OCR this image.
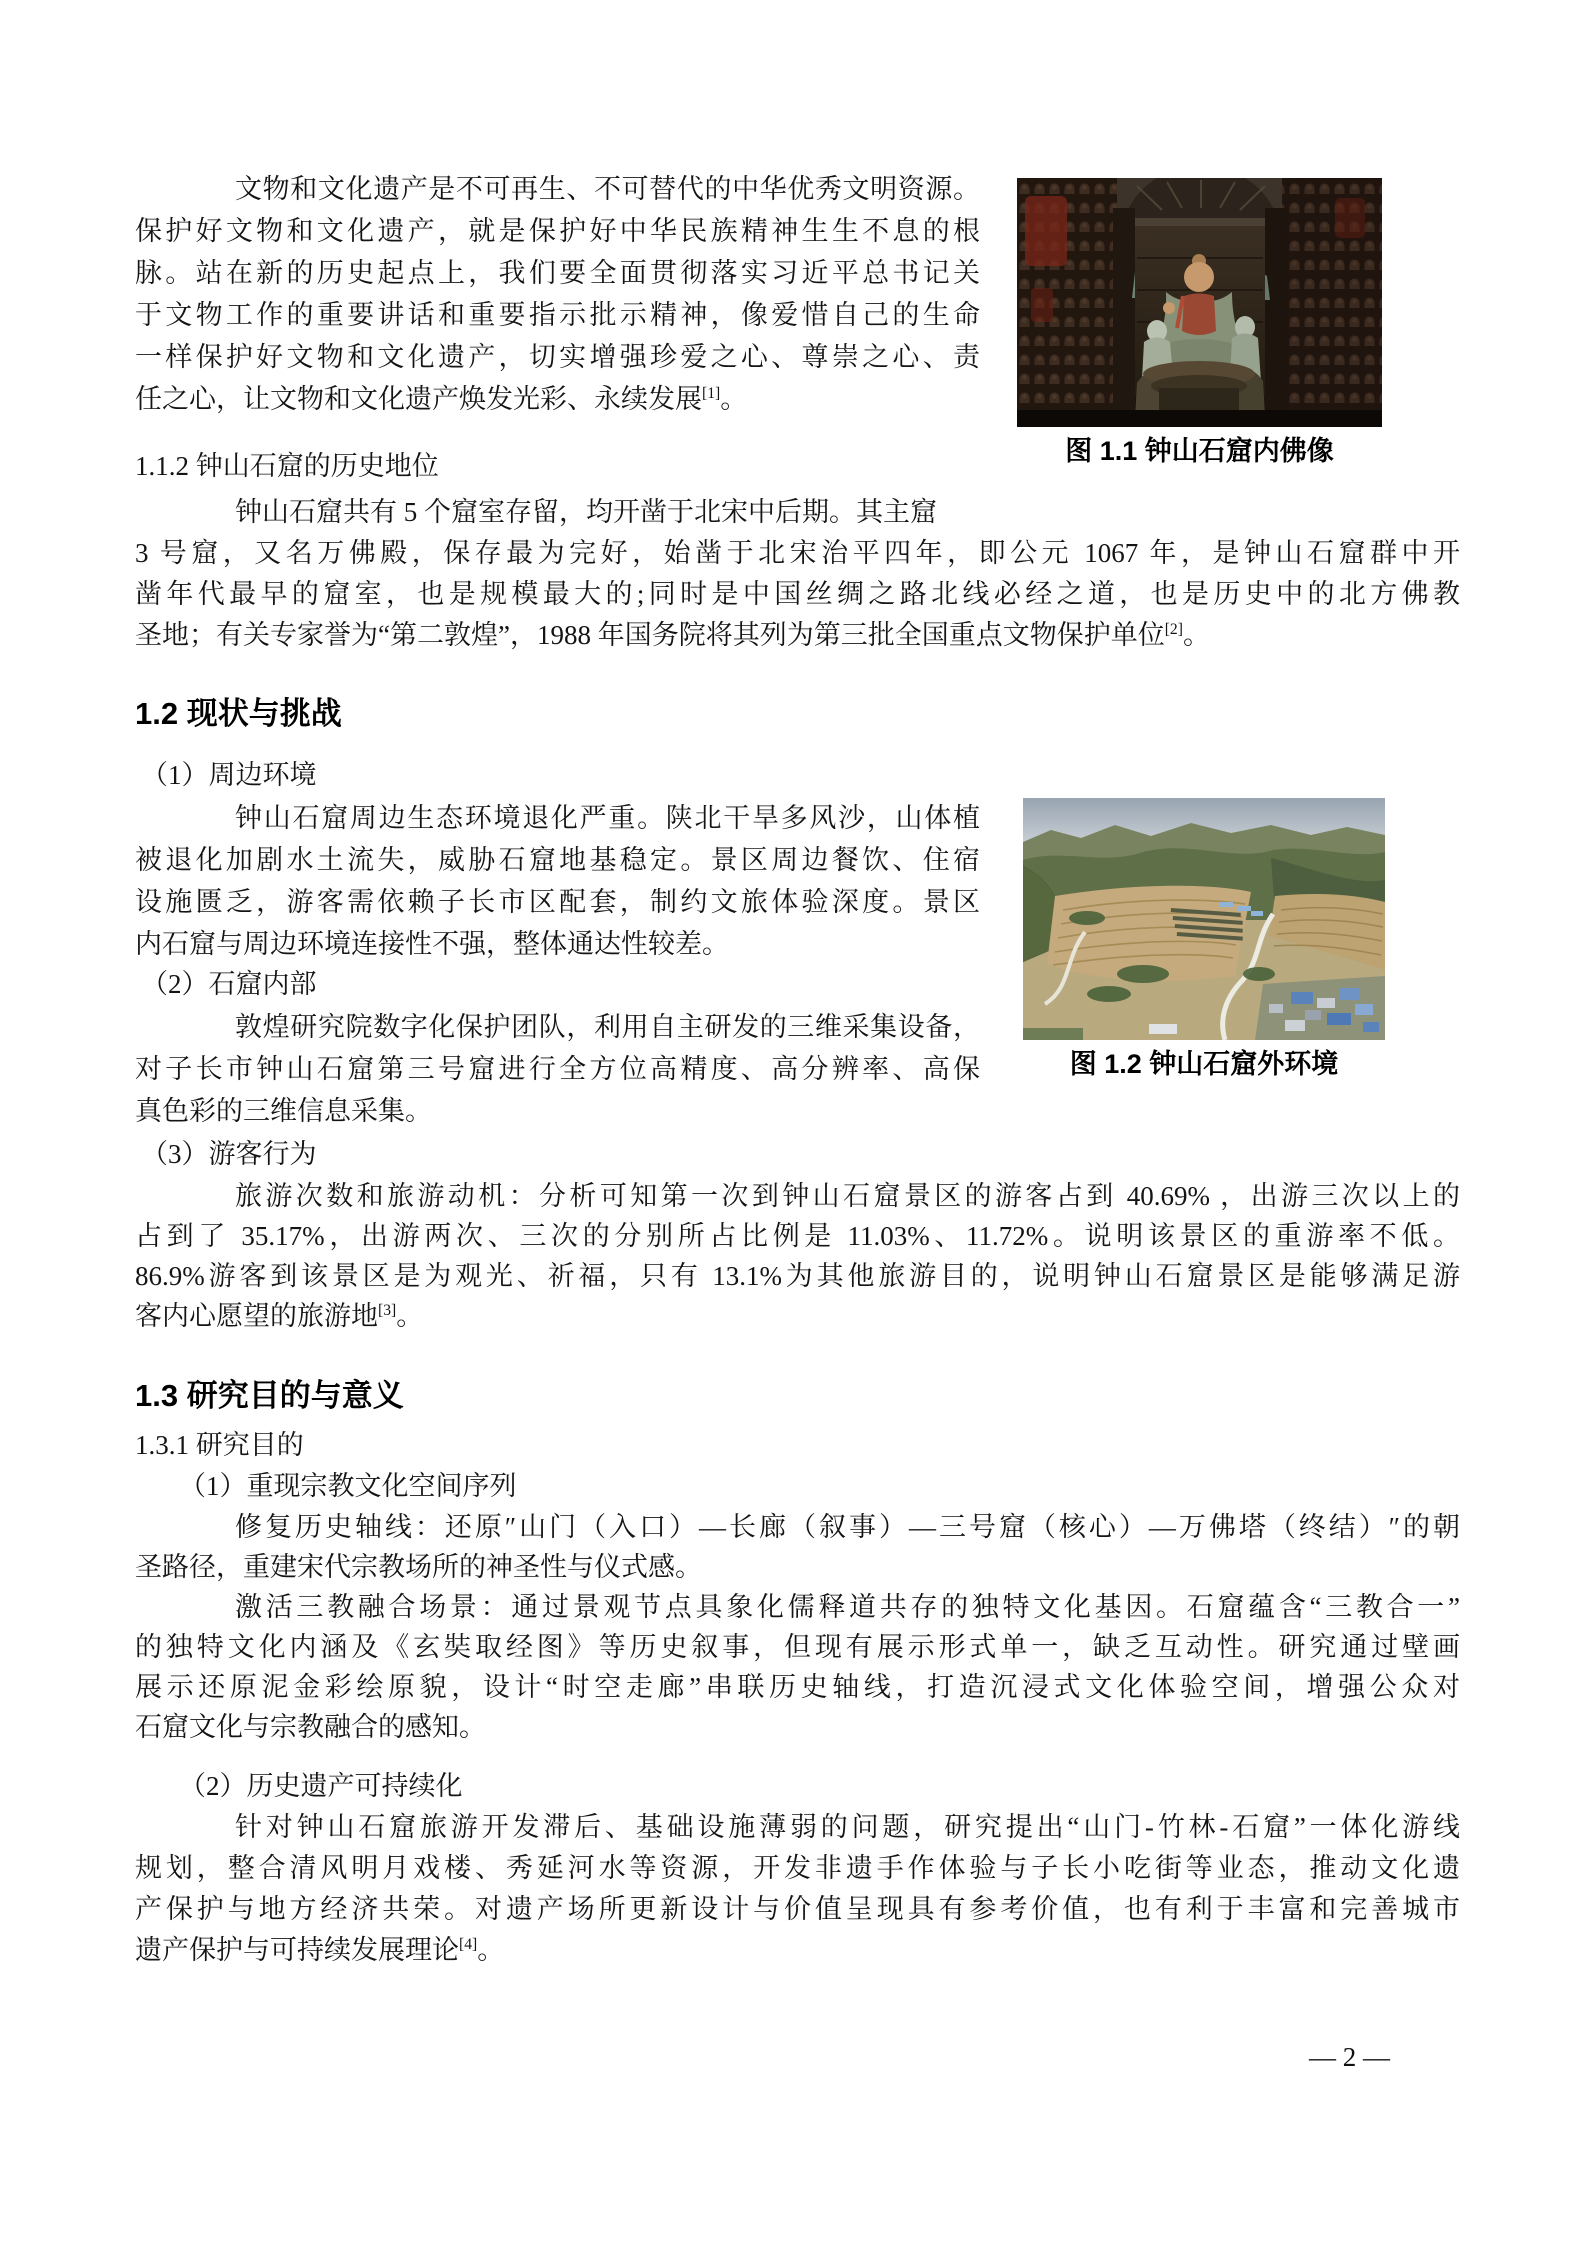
文物和文化遗产是不可再生、不可替代的中华优秀文明资源。
保护好文物和文化遗产，就是保护好中华民族精神生生不息的根
脉。站在新的历史起点上，我们要全面贯彻落实习近平总书记关
于文物工作的重要讲话和重要指示批示精神，像爱惜自己的生命
一样保护好文物和文化遗产，切实增强珍爱之心、尊崇之心、责
任之心，让文物和文化遗产焕发光彩、永续发展[1]。

1.1.2 钟山石窟的历史地位

钟山石窟共有 5 个窟室存留，均开凿于北宋中后期。其主窟

3 号窟，又名万佛殿，保存最为完好，始凿于北宋治平四年，即公元 1067 年，是钟山石窟群中开
凿年代最早的窟室，也是规模最大的;同时是中国丝绸之路北线必经之道，也是历史中的北方佛教
圣地；有关专家誉为“第二敦煌”，1988 年国务院将其列为第三批全国重点文物保护单位[2]。

1.2 现状与挑战

（1）周边环境

钟山石窟周边生态环境退化严重。陕北干旱多风沙，山体植
被退化加剧水土流失，威胁石窟地基稳定。景区周边餐饮、住宿
设施匮乏，游客需依赖子长市区配套，制约文旅体验深度。景区
内石窟与周边环境连接性不强，整体通达性较差。

（2）石窟内部

敦煌研究院数字化保护团队，利用自主研发的三维采集设备，
对子长市钟山石窟第三号窟进行全方位高精度、高分辨率、高保
真色彩的三维信息采集。

（3）游客行为

旅游次数和旅游动机：分析可知第一次到钟山石窟景区的游客占到 40.69% ，出游三次以上的
占到了 35.17%，出游两次、三次的分别所占比例是 11.03%、11.72%。说明该景区的重游率不低。
86.9%游客到该景区是为观光、祈福，只有 13.1%为其他旅游目的，说明钟山石窟景区是能够满足游
客内心愿望的旅游地[3]。

1.3 研究目的与意义
1.3.1 研究目的

（1）重现宗教文化空间序列

修复历史轴线：还原″山门（入口）—长廊（叙事）—三号窟（核心）—万佛塔（终结）″的朝
圣路径，重建宋代宗教场所的神圣性与仪式感。

激活三教融合场景：通过景观节点具象化儒释道共存的独特文化基因。石窟蕴含“三教合一”
的独特文化内涵及《玄奘取经图》等历史叙事，但现有展示形式单一，缺乏互动性。研究通过壁画
展示还原泥金彩绘原貌，设计“时空走廊”串联历史轴线，打造沉浸式文化体验空间，增强公众对
石窟文化与宗教融合的感知。

（2）历史遗产可持续化

针对钟山石窟旅游开发滞后、基础设施薄弱的问题，研究提出“山门-竹林-石窟”一体化游线
规划，整合清风明月戏楼、秀延河水等资源，开发非遗手作体验与子长小吃街等业态，推动文化遗
产保护与地方经济共荣。对遗产场所更新设计与价值呈现具有参考价值，也有利于丰富和完善城市
遗产保护与可持续发展理论[4]。

图 1.1 钟山石窟内佛像
图 1.2 钟山石窟外环境
— 2 —
